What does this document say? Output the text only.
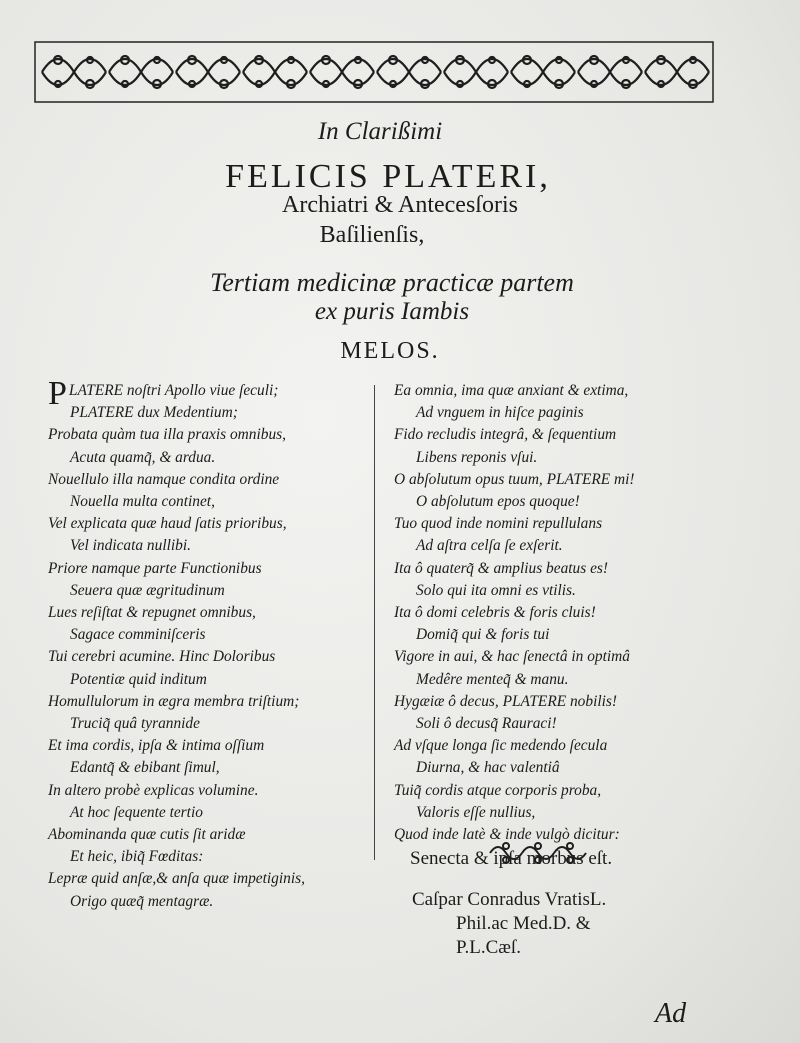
In Clarißimi
FELICIS PLATERI,
Archiatri & Antecesſoris
Baſilienſis,
Tertiam medicinæ practicæ partem
ex puris Iambis
MELOS.
PLATERE noſtri Apollo viue ſeculi;
PLATERE dux Medentium;
Probata quàm tua illa praxis omnibus,
Acuta quamq̃, & ardua.
Nouellulo illa namque condita ordine
Nouella multa continet,
Vel explicata quæ haud ſatis prioribus,
Vel indicata nullibi.
Priore namque parte Functionibus
Seuera quæ ægritudinum
Lues reſiſtat & repugnet omnibus,
Sagace comminiſceris
Tui cerebri acumine. Hinc Doloribus
Potentiæ quid inditum
Homullulorum in ægra membra triſtium;
Truciq̃ quâ tyrannide
Et ima cordis, ipſa & intima oſſium
Edantq̃ & ebibant ſimul,
In altero probè explicas volumine.
At hoc ſequente tertio
Abominanda quæ cutis ſit aridæ
Et heic, ibiq̃ Fœditas:
Lepræ quid anſæ,& anſa quæ impetiginis,
Origo quæq̃ mentagræ.
Ea omnia, ima quæ anxiant & extima,
Ad vnguem in hiſce paginis
Fido recludis integrâ, & ſequentium
Libens reponis vſui.
O abſolutum opus tuum, PLATERE mi!
O abſolutum epos quoque!
Tuo quod inde nomini repullulans
Ad aſtra celſa ſe exſerit.
Ita ô quaterq̃ & amplius beatus es!
Solo qui ita omni es vtilis.
Ita ô domi celebris & foris cluis!
Domiq̃ qui & foris tui
Vigore in aui, & hac ſenectâ in optimâ
Medêre menteq̃ & manu.
Hygæiæ ô decus, PLATERE nobilis!
Soli ô decusq̃ Rauraci!
Ad vſque longa ſic medendo ſecula
Diurna, & hac valentiâ
Tuiq̃ cordis atque corporis proba,
Valoris eſſe nullius,
Quod inde latè & inde vulgò dicitur:
Senecta & ipſa morbus eſt.
Caſpar Conradus VratisL.
Phil.ac Med.D. &
P.L.Cæſ.
Ad
